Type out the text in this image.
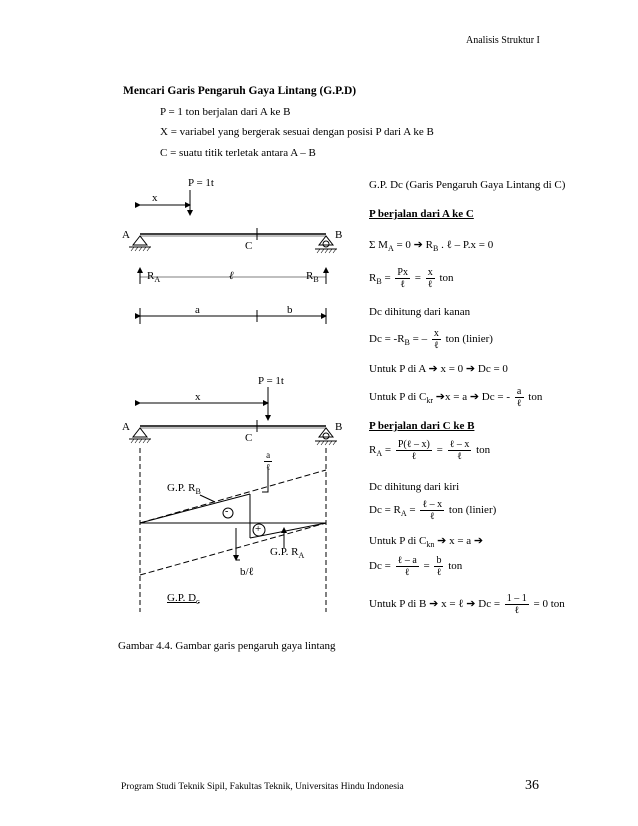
Analisis Struktur I
Mencari Garis Pengaruh Gaya Lintang (G.P.D)
P = 1 ton berjalan dari A ke B
X = variabel yang bergerak sesuai dengan posisi P dari A ke B
C = suatu titik terletak antara A – B
P = 1t
x
A	B
C
$R_A$	ℓ	$R_B$
a	b
P = 1t
x
A	B
C
$\frac{a}{\text{ℓ}}$
G.P. $R_B$
-
+
G.P. $R_A$
b/ℓ
G.P. $D_c$
G.P. Dc (Garis Pengaruh Gaya Lintang di C)
P berjalan dari A ke C
Σ $M_A = 0$ ➔ $R_B$ . ℓ – P.x = 0
$R_B = \frac{Px}{\text{ℓ}} = \frac{x}{\text{ℓ}}$ ton
Dc dihitung dari kanan
$Dc = -R_B$ = – $\frac{x}{\text{ℓ}}$ ton (linier)
Untuk P di A ➔ x = 0 ➔ Dc = 0
Untuk P di $C_{kr}$ ➔x = a ➔ Dc = - $\frac{a}{\text{ℓ}}$ ton
P berjalan dari C ke B
$R_A = \frac{\text{P(ℓ – x)}}{\text{ℓ}} = \frac{\text{ℓ – x}}{\text{ℓ}}$ ton
Dc dihitung dari kiri
$Dc = R_A = \frac{\text{ℓ – x}}{\text{ℓ}}$ ton (linier)
Untuk P di $C_{kn}$ ➔ x = a ➔
$Dc = \frac{\text{ℓ – a}}{\text{ℓ}} = \frac{b}{\text{ℓ}}$ ton
Untuk P di B ➔ x = ℓ ➔ $Dc = \frac{1 - 1}{\text{ℓ}} = 0$ ton
Gambar 4.4. Gambar garis pengaruh gaya lintang
Program Studi Teknik Sipil, Fakultas Teknik, Universitas Hindu Indonesia	36
